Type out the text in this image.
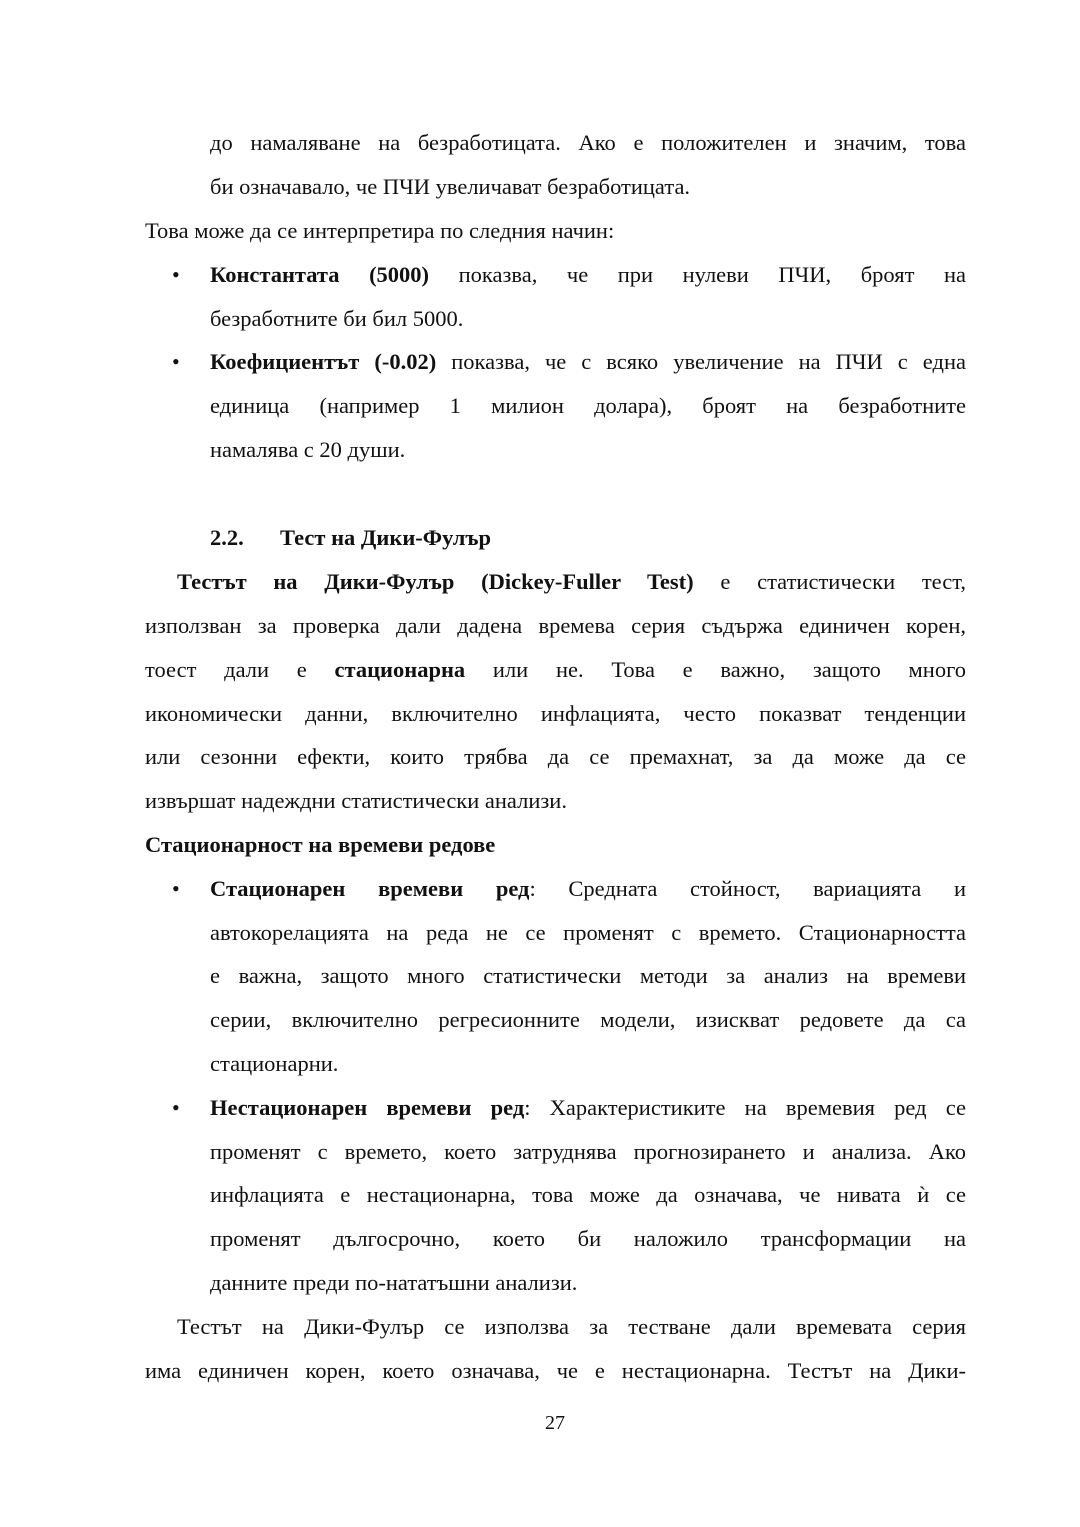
до намаляване на безработицата. Ако е положителен и значим, това
би означавало, че ПЧИ увеличават безработицата.
Това може да се интерпретира по следния начин:
• Константата (5000) показва, че при нулеви ПЧИ, броят на
безработните би бил 5000.
• Коефициентът (-0.02) показва, че с всяко увеличение на ПЧИ с една
единица (например 1 милион долара), броят на безработните
намалява с 20 души.
2.2. Тест на Дики-Фулър
Тестът на Дики-Фулър (Dickey-Fuller Test) е статистически тест,
използван за проверка дали дадена времева серия съдържа единичен корен,
тоест дали е стационарна или не. Това е важно, защото много
икономически данни, включително инфлацията, често показват тенденции
или сезонни ефекти, които трябва да се премахнат, за да може да се
извършат надеждни статистически анализи.
Стационарност на времеви редове
• Стационарен времеви ред: Средната стойност, вариацията и
автокорелацията на реда не се променят с времето. Стационарността
е важна, защото много статистически методи за анализ на времеви
серии, включително регресионните модели, изискват редовете да са
стационарни.
• Нестационарен времеви ред: Характеристиките на времевия ред се
променят с времето, което затруднява прогнозирането и анализа. Ако
инфлацията е нестационарна, това може да означава, че нивата ѝ се
променят дългосрочно, което би наложило трансформации на
данните преди по-нататъшни анализи.
Тестът на Дики-Фулър се използва за тестване дали времевата серия
има единичен корен, което означава, че е нестационарна. Тестът на Дики-
27
